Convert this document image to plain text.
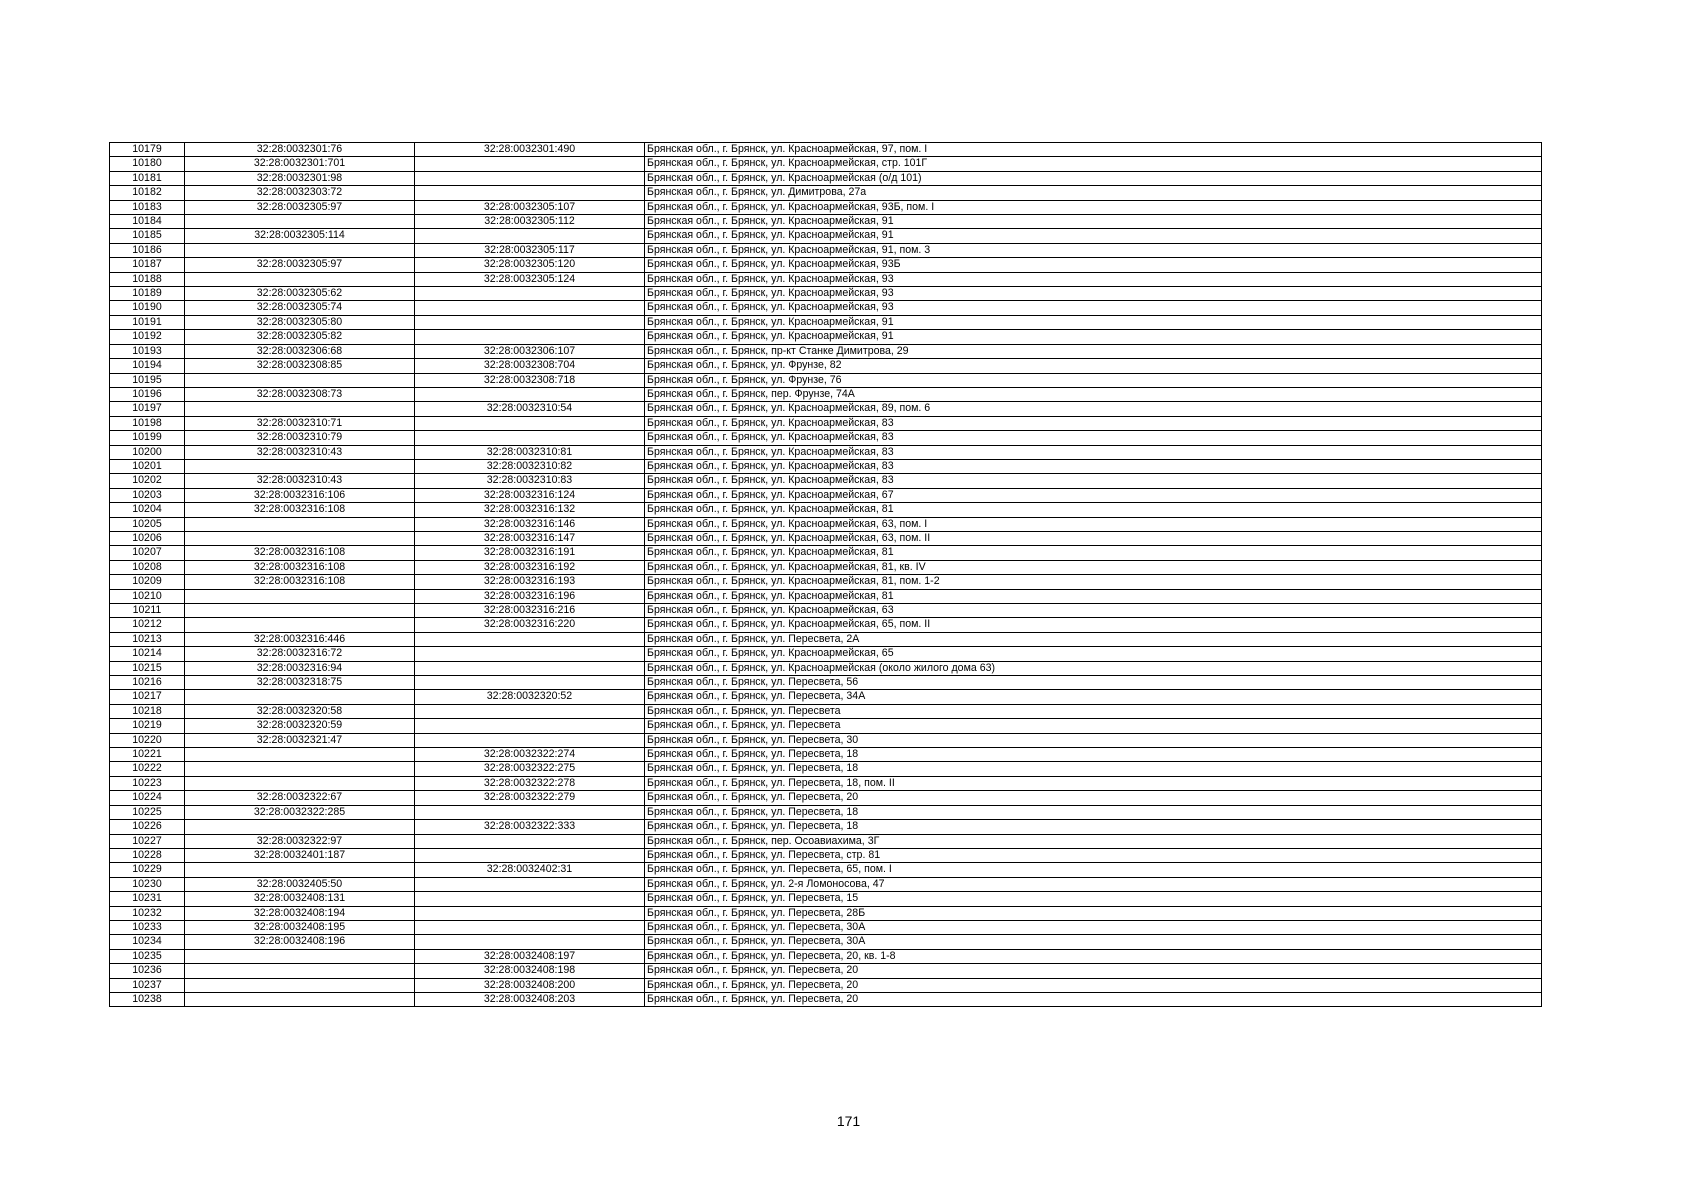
10179	32:28:0032301:76	32:28:0032301:490	Брянская обл., г. Брянск, ул. Красноармейская, 97, пом. I
10180	32:28:0032301:701		Брянская обл., г. Брянск, ул. Красноармейская, стр. 101Г
10181	32:28:0032301:98		Брянская обл., г. Брянск, ул. Красноармейская (о/д 101)
10182	32:28:0032303:72		Брянская обл., г. Брянск, ул. Димитрова, 27а
10183	32:28:0032305:97	32:28:0032305:107	Брянская обл., г. Брянск, ул. Красноармейская, 93Б, пом. I
10184		32:28:0032305:112	Брянская обл., г. Брянск, ул. Красноармейская, 91
10185	32:28:0032305:114		Брянская обл., г. Брянск, ул. Красноармейская, 91
10186		32:28:0032305:117	Брянская обл., г. Брянск, ул. Красноармейская, 91, пом. 3
10187	32:28:0032305:97	32:28:0032305:120	Брянская обл., г. Брянск, ул. Красноармейская, 93Б
10188		32:28:0032305:124	Брянская обл., г. Брянск, ул. Красноармейская, 93
10189	32:28:0032305:62		Брянская обл., г. Брянск, ул. Красноармейская, 93
10190	32:28:0032305:74		Брянская обл., г. Брянск, ул. Красноармейская, 93
10191	32:28:0032305:80		Брянская обл., г. Брянск, ул. Красноармейская, 91
10192	32:28:0032305:82		Брянская обл., г. Брянск, ул. Красноармейская, 91
10193	32:28:0032306:68	32:28:0032306:107	Брянская обл., г. Брянск, пр-кт Станке Димитрова, 29
10194	32:28:0032308:85	32:28:0032308:704	Брянская обл., г. Брянск, ул. Фрунзе, 82
10195		32:28:0032308:718	Брянская обл., г. Брянск, ул. Фрунзе, 76
10196	32:28:0032308:73		Брянская обл., г. Брянск, пер. Фрунзе, 74А
10197		32:28:0032310:54	Брянская обл., г. Брянск, ул. Красноармейская, 89, пом. 6
10198	32:28:0032310:71		Брянская обл., г. Брянск, ул. Красноармейская, 83
10199	32:28:0032310:79		Брянская обл., г. Брянск, ул. Красноармейская, 83
10200	32:28:0032310:43	32:28:0032310:81	Брянская обл., г. Брянск, ул. Красноармейская, 83
10201		32:28:0032310:82	Брянская обл., г. Брянск, ул. Красноармейская, 83
10202	32:28:0032310:43	32:28:0032310:83	Брянская обл., г. Брянск, ул. Красноармейская, 83
10203	32:28:0032316:106	32:28:0032316:124	Брянская обл., г. Брянск, ул. Красноармейская, 67
10204	32:28:0032316:108	32:28:0032316:132	Брянская обл., г. Брянск, ул. Красноармейская, 81
10205		32:28:0032316:146	Брянская обл., г. Брянск, ул. Красноармейская, 63, пом. I
10206		32:28:0032316:147	Брянская обл., г. Брянск, ул. Красноармейская, 63, пом. II
10207	32:28:0032316:108	32:28:0032316:191	Брянская обл., г. Брянск, ул. Красноармейская, 81
10208	32:28:0032316:108	32:28:0032316:192	Брянская обл., г. Брянск, ул. Красноармейская, 81, кв. IV
10209	32:28:0032316:108	32:28:0032316:193	Брянская обл., г. Брянск, ул. Красноармейская, 81, пом. 1-2
10210		32:28:0032316:196	Брянская обл., г. Брянск, ул. Красноармейская, 81
10211		32:28:0032316:216	Брянская обл., г. Брянск, ул. Красноармейская, 63
10212		32:28:0032316:220	Брянская обл., г. Брянск, ул. Красноармейская, 65, пом. II
10213	32:28:0032316:446		Брянская обл., г. Брянск, ул. Пересвета, 2А
10214	32:28:0032316:72		Брянская обл., г. Брянск, ул. Красноармейская, 65
10215	32:28:0032316:94		Брянская обл., г. Брянск, ул. Красноармейская (около жилого дома 63)
10216	32:28:0032318:75		Брянская обл., г. Брянск, ул. Пересвета, 56
10217		32:28:0032320:52	Брянская обл., г. Брянск, ул. Пересвета, 34А
10218	32:28:0032320:58		Брянская обл., г. Брянск, ул. Пересвета
10219	32:28:0032320:59		Брянская обл., г. Брянск, ул. Пересвета
10220	32:28:0032321:47		Брянская обл., г. Брянск, ул. Пересвета, 30
10221		32:28:0032322:274	Брянская обл., г. Брянск, ул. Пересвета, 18
10222		32:28:0032322:275	Брянская обл., г. Брянск, ул. Пересвета, 18
10223		32:28:0032322:278	Брянская обл., г. Брянск, ул. Пересвета, 18, пом. II
10224	32:28:0032322:67	32:28:0032322:279	Брянская обл., г. Брянск, ул. Пересвета, 20
10225	32:28:0032322:285		Брянская обл., г. Брянск, ул. Пересвета, 18
10226		32:28:0032322:333	Брянская обл., г. Брянск, ул. Пересвета, 18
10227	32:28:0032322:97		Брянская обл., г. Брянск, пер. Осоавиахима, 3Г
10228	32:28:0032401:187		Брянская обл., г. Брянск, ул. Пересвета, стр. 81
10229		32:28:0032402:31	Брянская обл., г. Брянск, ул. Пересвета, 65, пом. I
10230	32:28:0032405:50		Брянская обл., г. Брянск, ул. 2-я Ломоносова, 47
10231	32:28:0032408:131		Брянская обл., г. Брянск, ул. Пересвета, 15
10232	32:28:0032408:194		Брянская обл., г. Брянск, ул. Пересвета, 28Б
10233	32:28:0032408:195		Брянская обл., г. Брянск, ул. Пересвета, 30А
10234	32:28:0032408:196		Брянская обл., г. Брянск, ул. Пересвета, 30А
10235		32:28:0032408:197	Брянская обл., г. Брянск, ул. Пересвета, 20, кв. 1-8
10236		32:28:0032408:198	Брянская обл., г. Брянск, ул. Пересвета, 20
10237		32:28:0032408:200	Брянская обл., г. Брянск, ул. Пересвета, 20
10238		32:28:0032408:203	Брянская обл., г. Брянск, ул. Пересвета, 20
171
